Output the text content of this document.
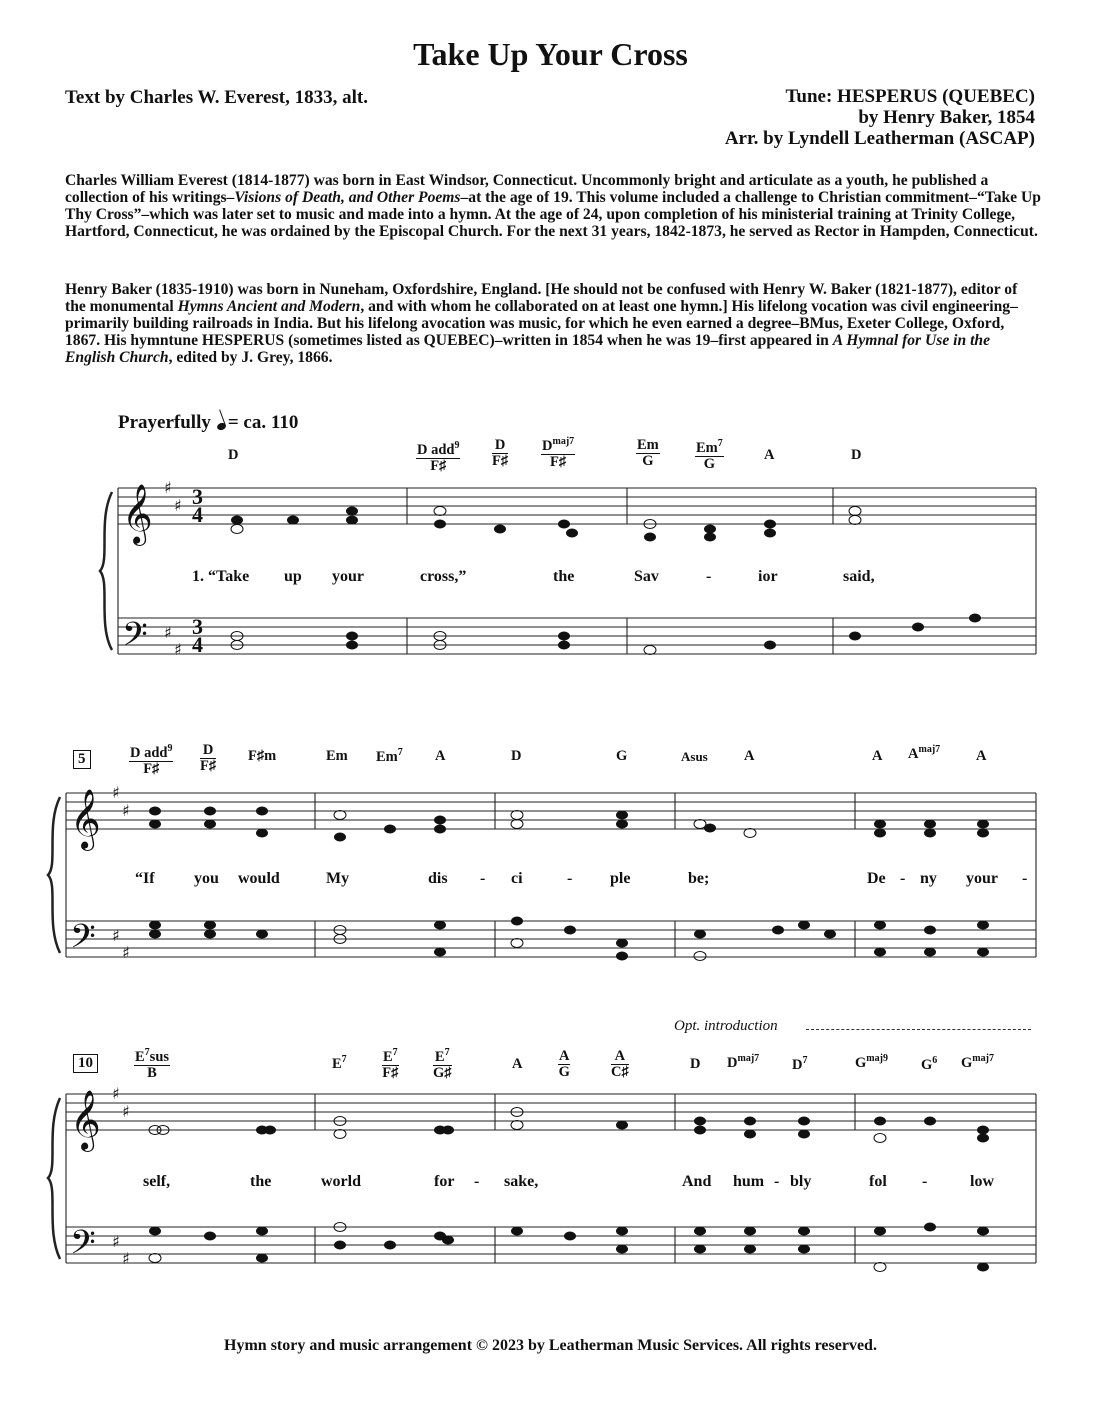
Take Up Your Cross
Text by Charles W. Everest, 1833, alt.	Tune: HESPERUS (QUEBEC)
by Henry Baker, 1854
Arr. by Lyndell Leatherman (ASCAP)

Charles William Everest (1814-1877) was born in East Windsor, Connecticut. Uncommonly bright and articulate as a youth, he published a collection of his writings–Visions of Death, and Other Poems–at the age of 19. This volume included a challenge to Christian commitment–“Take Up Thy Cross”–which was later set to music and made into a hymn. At the age of 24, upon completion of his ministerial training at Trinity College, Hartford, Connecticut, he was ordained by the Episcopal Church. For the next 31 years, 1842-1873, he served as Rector in Hampden, Connecticut.

Henry Baker (1835-1910) was born in Nuneham, Oxfordshire, England. [He should not be confused with Henry W. Baker (1821-1877), editor of the monumental Hymns Ancient and Modern, and with whom he collaborated on at least one hymn.] His lifelong vocation was civil engineering–primarily building railroads in India. But his lifelong avocation was music, for which he even earned a degree–BMus, Exeter College, Oxford, 1867. His hymntune HESPERUS (sometimes listed as QUEBEC)–written in 1854 when he was 19–first appeared in A Hymnal for Use in the English Church, edited by J. Grey, 1866.

Prayerfully = ca. 110
𝄞
𝄢
𝄞
𝄢
𝄞
𝄢
♯
♯
♯
♯
♯
♯
♯
♯
♯
♯
♯
♯
3
4
3
4
D	D add$^9$
F♯	$\frac{D}{F♯} D^{maj7}$
F♯	$\frac{Em}{G} \frac{Em^7}{G}$	A	D
1. “Take up your	cross,”	the	Sav	-	ior	said,
5	D add$^9$
F♯	$\frac{D}{F♯}$ F♯m	Em Em$^7$ A	D	G	Asus	A	A $A^{maj7}$ A
“If you would	My	dis - ci	- ple	be;	De - ny your -
Opt. introduction
10	$E^7sus$
B
$E^7 \frac{E^7}{F♯} \frac{E^7}{G♯}$	A $\frac{A}{G}$	$\frac{A}{C♯}$	D $D^{maj7}$ $D^7$	$G^{maj9}$ $G^6$ $G^{maj7}$
self,	the	world	for - sake,	And hum - bly	fol -	low
Hymn story and music arrangement © 2023 by Leatherman Music Services. All rights reserved.
